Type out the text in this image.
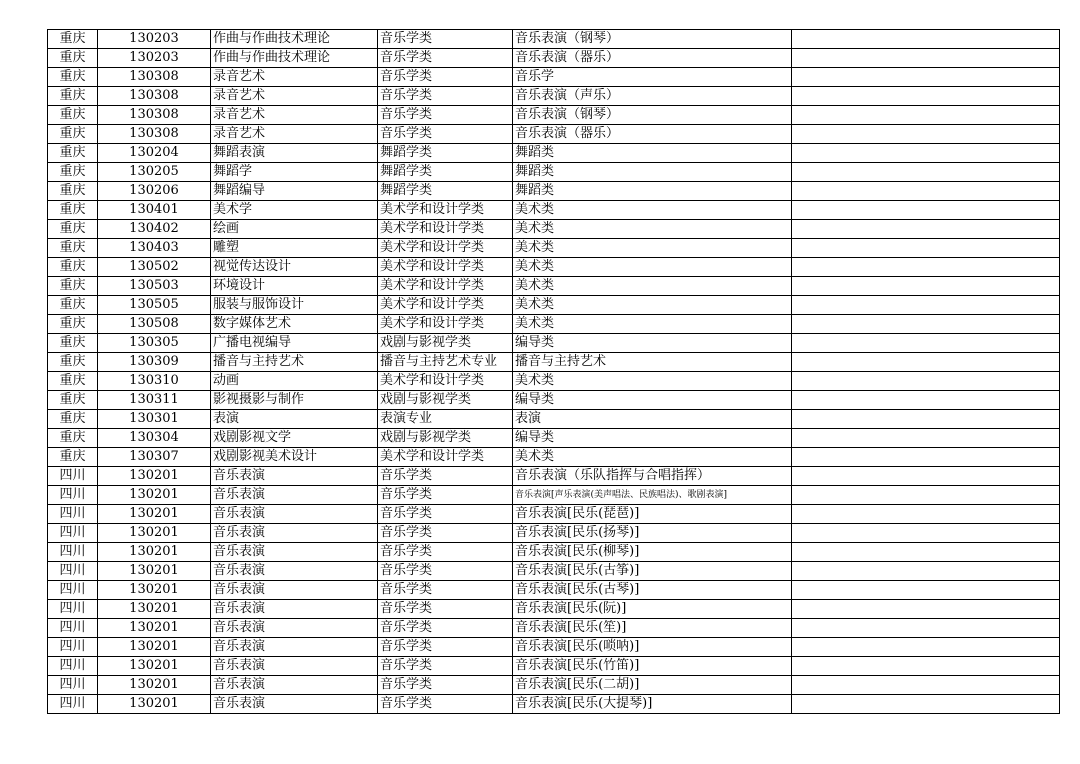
重庆	130203	作曲与作曲技术理论	音乐学类	音乐表演（钢琴）	
重庆	130203	作曲与作曲技术理论	音乐学类	音乐表演（器乐）	
重庆	130308	录音艺术	音乐学类	音乐学	
重庆	130308	录音艺术	音乐学类	音乐表演（声乐）	
重庆	130308	录音艺术	音乐学类	音乐表演（钢琴）	
重庆	130308	录音艺术	音乐学类	音乐表演（器乐）	
重庆	130204	舞蹈表演	舞蹈学类	舞蹈类	
重庆	130205	舞蹈学	舞蹈学类	舞蹈类	
重庆	130206	舞蹈编导	舞蹈学类	舞蹈类	
重庆	130401	美术学	美术学和设计学类	美术类	
重庆	130402	绘画	美术学和设计学类	美术类	
重庆	130403	雕塑	美术学和设计学类	美术类	
重庆	130502	视觉传达设计	美术学和设计学类	美术类	
重庆	130503	环境设计	美术学和设计学类	美术类	
重庆	130505	服装与服饰设计	美术学和设计学类	美术类	
重庆	130508	数字媒体艺术	美术学和设计学类	美术类	
重庆	130305	广播电视编导	戏剧与影视学类	编导类	
重庆	130309	播音与主持艺术	播音与主持艺术专业	播音与主持艺术	
重庆	130310	动画	美术学和设计学类	美术类	
重庆	130311	影视摄影与制作	戏剧与影视学类	编导类	
重庆	130301	表演	表演专业	表演	
重庆	130304	戏剧影视文学	戏剧与影视学类	编导类	
重庆	130307	戏剧影视美术设计	美术学和设计学类	美术类	
四川	130201	音乐表演	音乐学类	音乐表演（乐队指挥与合唱指挥）	
四川	130201	音乐表演	音乐学类	音乐表演[声乐表演(美声唱法、民族唱法)、歌剧表演]	
四川	130201	音乐表演	音乐学类	音乐表演[民乐(琵琶)]	
四川	130201	音乐表演	音乐学类	音乐表演[民乐(扬琴)]	
四川	130201	音乐表演	音乐学类	音乐表演[民乐(柳琴)]	
四川	130201	音乐表演	音乐学类	音乐表演[民乐(古筝)]	
四川	130201	音乐表演	音乐学类	音乐表演[民乐(古琴)]	
四川	130201	音乐表演	音乐学类	音乐表演[民乐(阮)]	
四川	130201	音乐表演	音乐学类	音乐表演[民乐(笙)]	
四川	130201	音乐表演	音乐学类	音乐表演[民乐(唢呐)]	
四川	130201	音乐表演	音乐学类	音乐表演[民乐(竹笛)]	
四川	130201	音乐表演	音乐学类	音乐表演[民乐(二胡)]	
四川	130201	音乐表演	音乐学类	音乐表演[民乐(大提琴)]	
